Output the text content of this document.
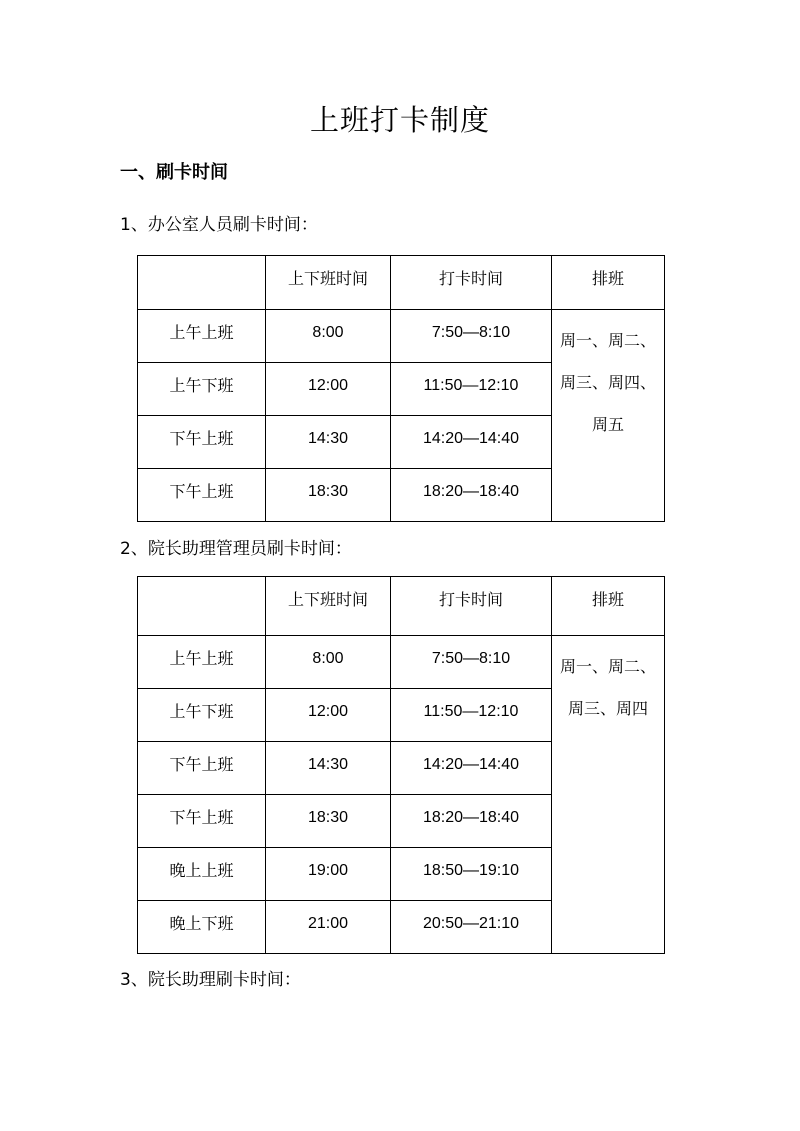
上班打卡制度
一、刷卡时间
1、办公室人员刷卡时间：
	上下班时间	打卡时间	排班
上午上班	8:00	7:50—8:10	周一、周二、
周三、周四、
周五

上午下班	12:00	11:50—12:10	
下午上班	14:30	14:20—14:40	
下午上班	18:30	18:20—18:40	
2、院长助理管理员刷卡时间：
	上下班时间	打卡时间	排班
上午上班	8:00	7:50—8:10	周一、周二、
周三、周四

上午下班	12:00	11:50—12:10	
下午上班	14:30	14:20—14:40	
下午上班	18:30	18:20—18:40	
晚上上班	19:00	18:50—19:10	
晚上下班	21:00	20:50—21:10	
3、院长助理刷卡时间：
